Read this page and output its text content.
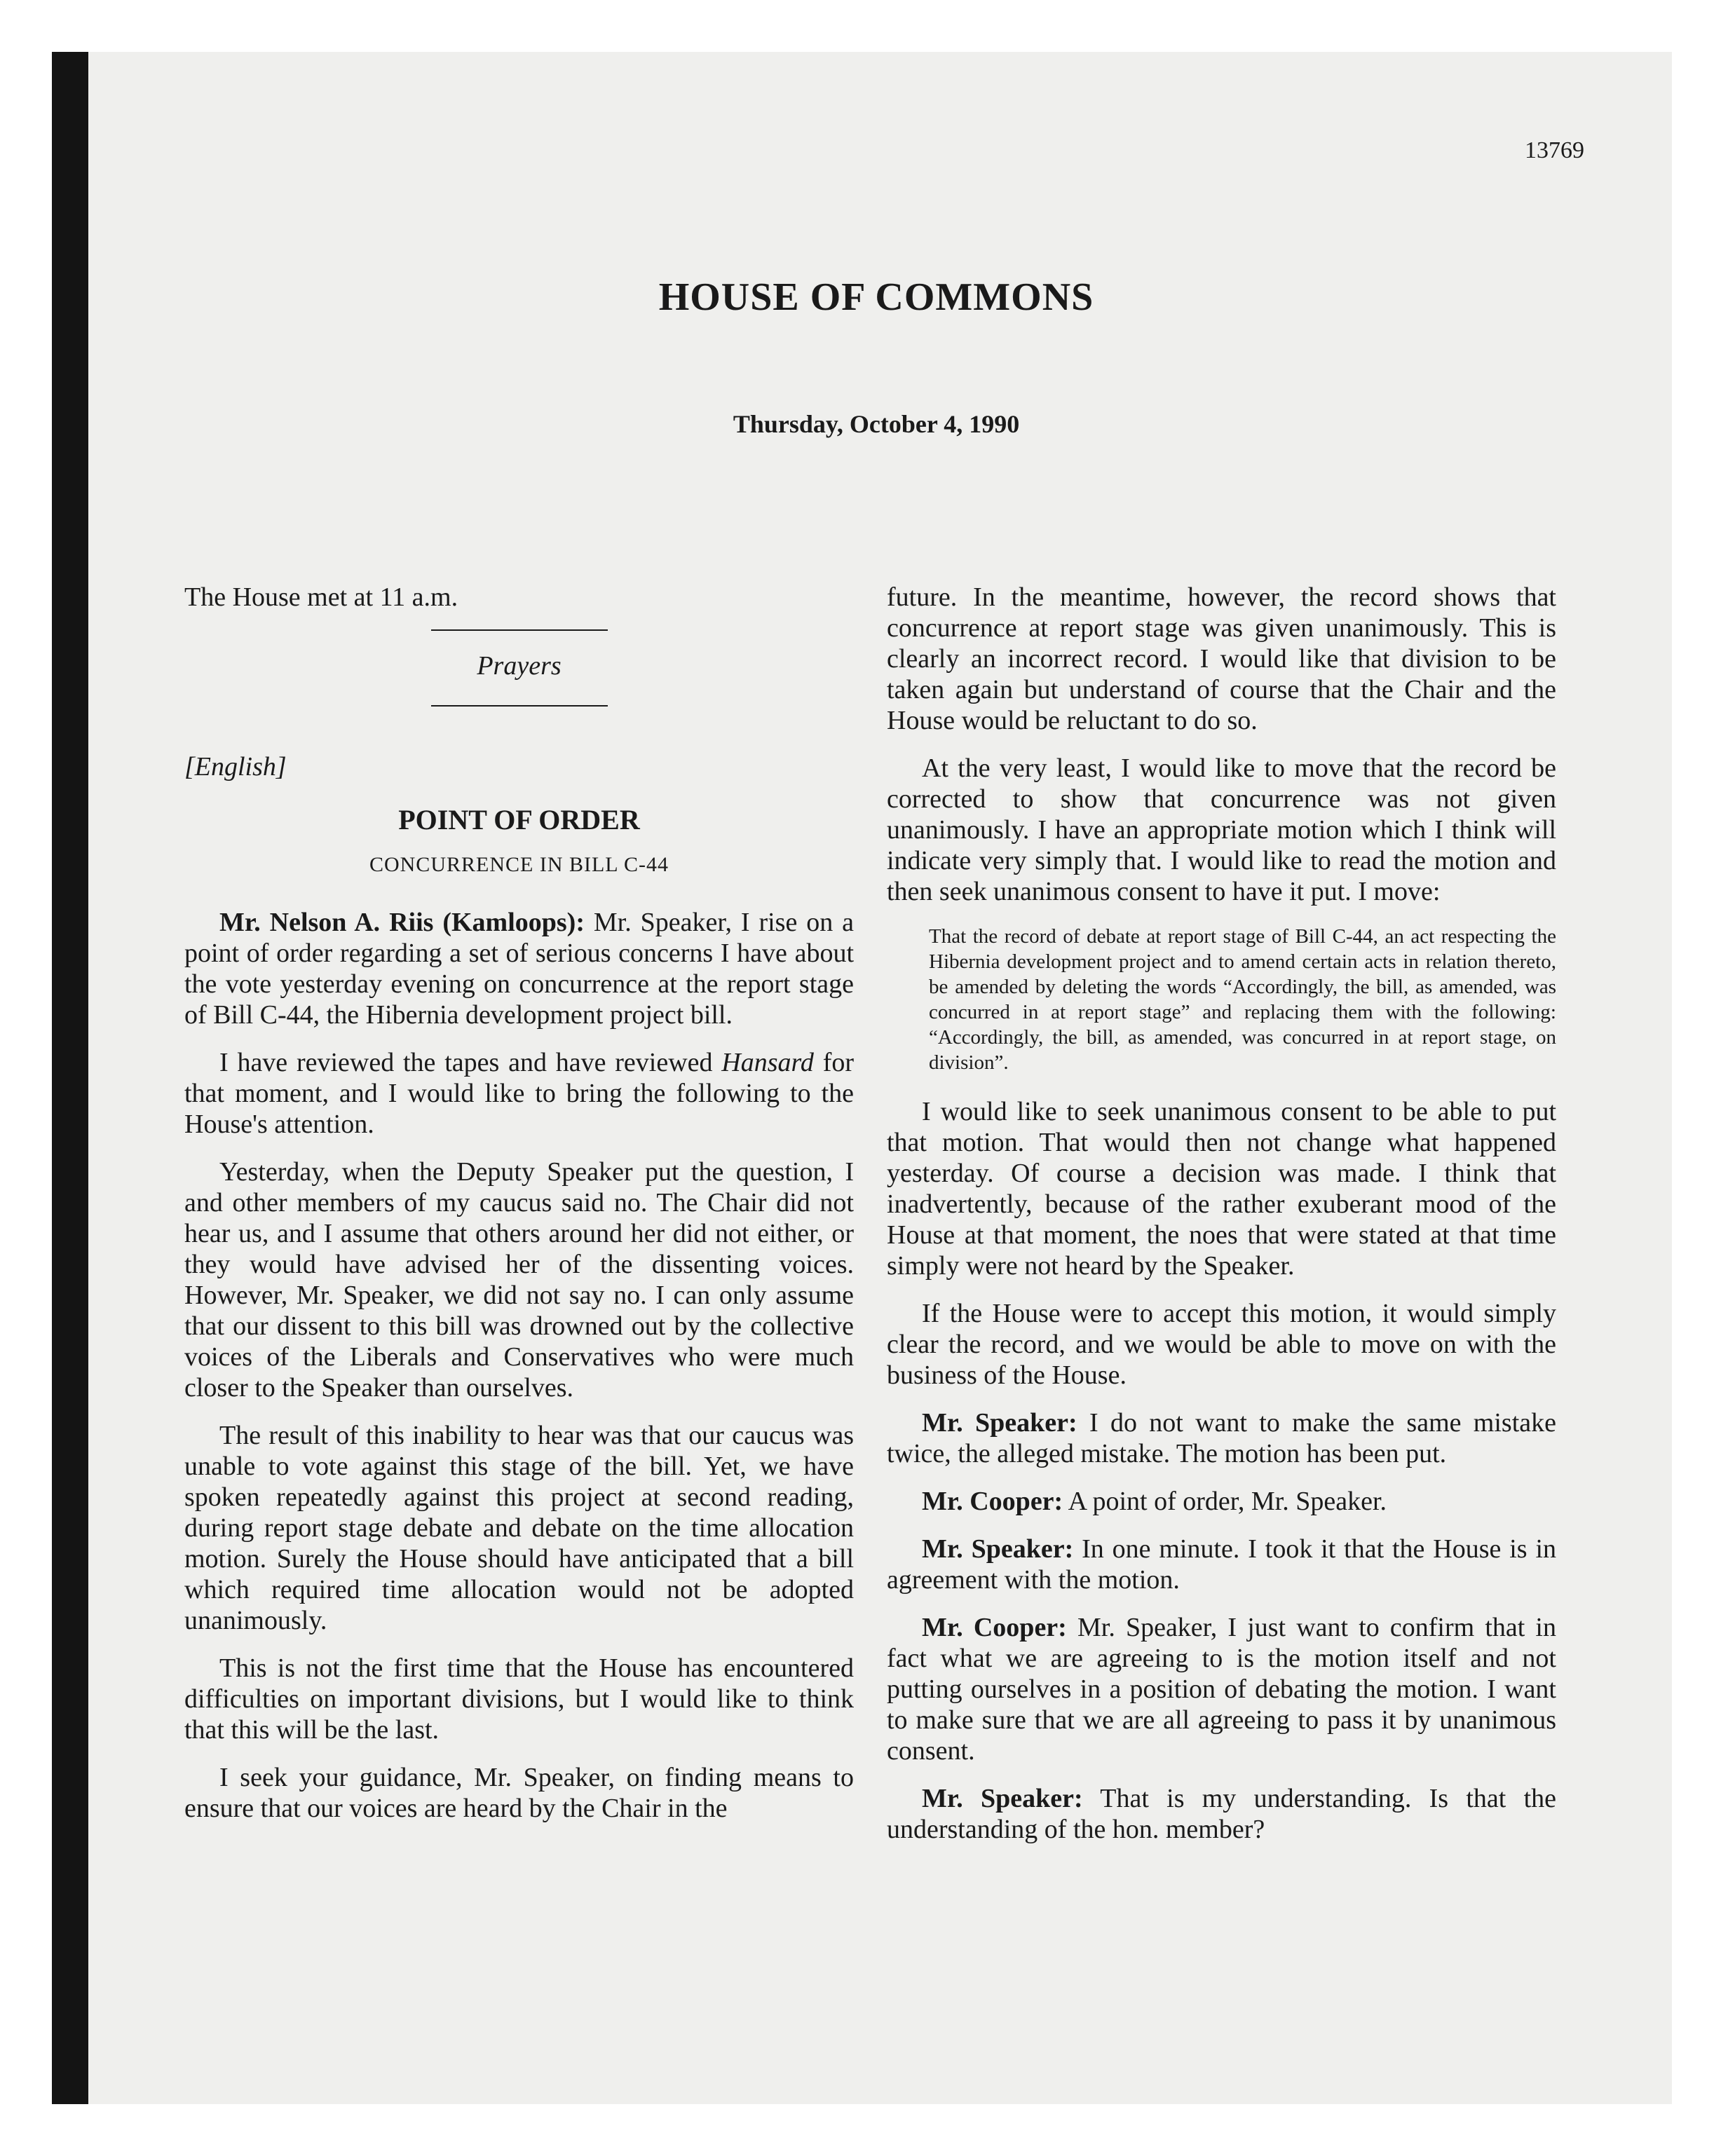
13769
HOUSE OF COMMONS
Thursday, October 4, 1990

The House met at 11 a.m.

Prayers
[English]
POINT OF ORDER
CONCURRENCE IN BILL C-44

Mr. Nelson A. Riis (Kamloops): Mr. Speaker, I rise on a point of order regarding a set of serious concerns I have about the vote yesterday evening on concurrence at the report stage of Bill C-44, the Hibernia development project bill.

I have reviewed the tapes and have reviewed Hansard for that moment, and I would like to bring the following to the House's attention.

Yesterday, when the Deputy Speaker put the question, I and other members of my caucus said no. The Chair did not hear us, and I assume that others around her did not either, or they would have advised her of the dissenting voices. However, Mr. Speaker, we did not say no. I can only assume that our dissent to this bill was drowned out by the collective voices of the Liberals and Conservatives who were much closer to the Speaker than ourselves.

The result of this inability to hear was that our caucus was unable to vote against this stage of the bill. Yet, we have spoken repeatedly against this project at second reading, during report stage debate and debate on the time allocation motion. Surely the House should have anticipated that a bill which required time allocation would not be adopted unanimously.

This is not the first time that the House has encountered difficulties on important divisions, but I would like to think that this will be the last.

I seek your guidance, Mr. Speaker, on finding means to ensure that our voices are heard by the Chair in the

future. In the meantime, however, the record shows that concurrence at report stage was given unanimously. This is clearly an incorrect record. I would like that division to be taken again but understand of course that the Chair and the House would be reluctant to do so.

At the very least, I would like to move that the record be corrected to show that concurrence was not given unanimously. I have an appropriate motion which I think will indicate very simply that. I would like to read the motion and then seek unanimous consent to have it put. I move:

That the record of debate at report stage of Bill C-44, an act respecting the Hibernia development project and to amend certain acts in relation thereto, be amended by deleting the words “Accordingly, the bill, as amended, was concurred in at report stage” and replacing them with the following: “Accordingly, the bill, as amended, was concurred in at report stage, on division”.

I would like to seek unanimous consent to be able to put that motion. That would then not change what happened yesterday. Of course a decision was made. I think that inadvertently, because of the rather exuberant mood of the House at that moment, the noes that were stated at that time simply were not heard by the Speaker.

If the House were to accept this motion, it would simply clear the record, and we would be able to move on with the business of the House.

Mr. Speaker: I do not want to make the same mistake twice, the alleged mistake. The motion has been put.

Mr. Cooper: A point of order, Mr. Speaker.

Mr. Speaker: In one minute. I took it that the House is in agreement with the motion.

Mr. Cooper: Mr. Speaker, I just want to confirm that in fact what we are agreeing to is the motion itself and not putting ourselves in a position of debating the motion. I want to make sure that we are all agreeing to pass it by unanimous consent.

Mr. Speaker: That is my understanding. Is that the understanding of the hon. member?
